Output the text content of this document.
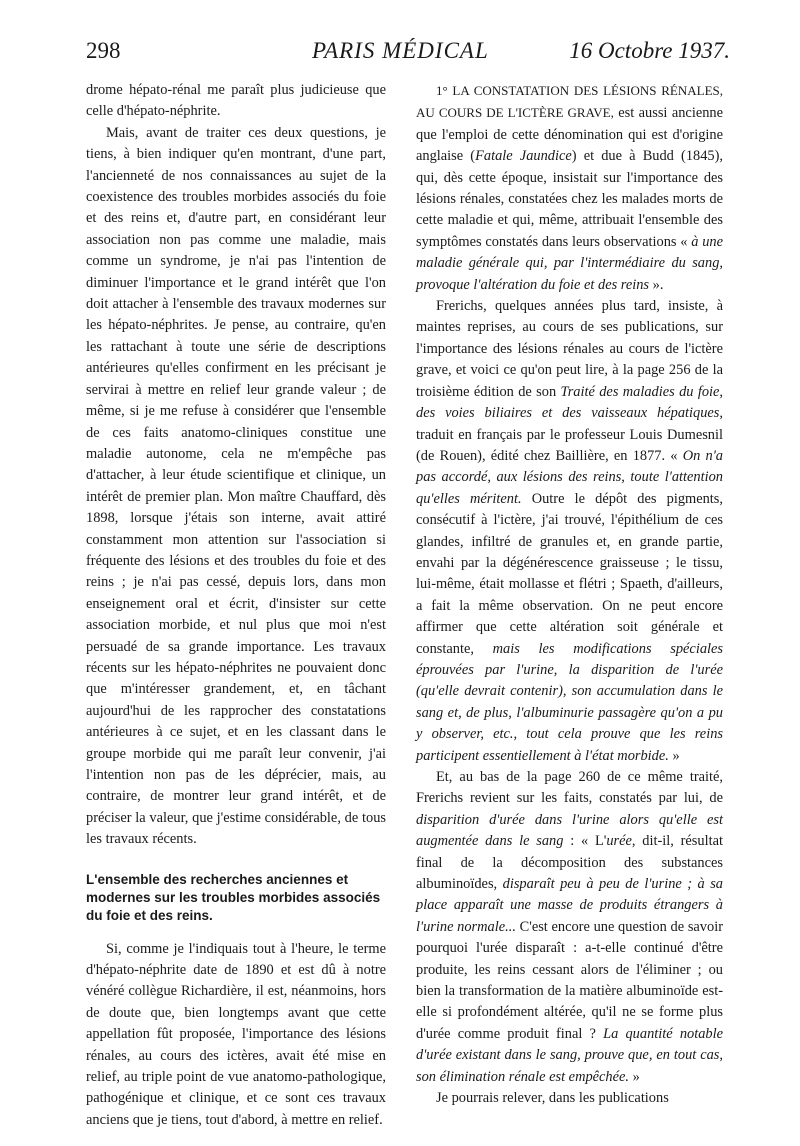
298	PARIS MÉDICAL	16 Octobre 1937.

drome hépato-rénal me paraît plus judicieuse que celle d'hépato-néphrite.

Mais, avant de traiter ces deux questions, je tiens, à bien indiquer qu'en montrant, d'une part, l'ancienneté de nos connaissances au sujet de la coexistence des troubles morbides associés du foie et des reins et, d'autre part, en considérant leur association non pas comme une maladie, mais comme un syndrome, je n'ai pas l'intention de diminuer l'importance et le grand intérêt que l'on doit attacher à l'ensemble des travaux modernes sur les hépato-néphrites. Je pense, au contraire, qu'en les rattachant à toute une série de descriptions antérieures qu'elles confirment en les précisant je servirai à mettre en relief leur grande valeur ; de même, si je me refuse à considérer que l'ensemble de ces faits anatomo-cliniques constitue une maladie autonome, cela ne m'empêche pas d'attacher, à leur étude scientifique et clinique, un intérêt de premier plan. Mon maître Chauffard, dès 1898, lorsque j'étais son interne, avait attiré constamment mon attention sur l'association si fréquente des lésions et des troubles du foie et des reins ; je n'ai pas cessé, depuis lors, dans mon enseignement oral et écrit, d'insister sur cette association morbide, et nul plus que moi n'est persuadé de sa grande importance. Les travaux récents sur les hépato-néphrites ne pouvaient donc que m'intéresser grandement, et, en tâchant aujourd'hui de les rapprocher des constatations antérieures à ce sujet, et en les classant dans le groupe morbide qui me paraît leur convenir, j'ai l'intention non pas de les déprécier, mais, au contraire, de montrer leur grand intérêt, et de préciser la valeur, que j'estime considérable, de tous les travaux récents.

L'ensemble des recherches anciennes et modernes sur les troubles morbides associés du foie et des reins.

Si, comme je l'indiquais tout à l'heure, le terme d'hépato-néphrite date de 1890 et est dû à notre vénéré collègue Richardière, il est, néanmoins, hors de doute que, bien longtemps avant que cette appellation fût proposée, l'importance des lésions rénales, au cours des ictères, avait été mise en relief, au triple point de vue anatomo-pathologique, pathogénique et clinique, et ce sont ces travaux anciens que je tiens, tout d'abord, à mettre en relief.

1° LA CONSTATATION DES LÉSIONS RÉNALES, AU COURS DE L'ICTÈRE GRAVE, est aussi ancienne que l'emploi de cette dénomination qui est d'origine anglaise (Fatale Jaundice) et due à Budd (1845), qui, dès cette époque, insistait sur l'importance des lésions rénales, constatées chez les malades morts de cette maladie et qui, même, attribuait l'ensemble des symptômes constatés dans leurs observations « à une maladie générale qui, par l'intermédiaire du sang, provoque l'altération du foie et des reins ».

Frerichs, quelques années plus tard, insiste, à maintes reprises, au cours de ses publications, sur l'importance des lésions rénales au cours de l'ictère grave, et voici ce qu'on peut lire, à la page 256 de la troisième édition de son Traité des maladies du foie, des voies biliaires et des vaisseaux hépatiques, traduit en français par le professeur Louis Dumesnil (de Rouen), édité chez Baillière, en 1877. « On n'a pas accordé, aux lésions des reins, toute l'attention qu'elles méritent. Outre le dépôt des pigments, consécutif à l'ictère, j'ai trouvé, l'épithélium de ces glandes, infiltré de granules et, en grande partie, envahi par la dégénérescence graisseuse ; le tissu, lui-même, était mollasse et flétri ; Spaeth, d'ailleurs, a fait la même observation. On ne peut encore affirmer que cette altération soit générale et constante, mais les modifications spéciales éprouvées par l'urine, la disparition de l'urée (qu'elle devrait contenir), son accumulation dans le sang et, de plus, l'albuminurie passagère qu'on a pu y observer, etc., tout cela prouve que les reins participent essentiellement à l'état morbide. »

Et, au bas de la page 260 de ce même traité, Frerichs revient sur les faits, constatés par lui, de disparition d'urée dans l'urine alors qu'elle est augmentée dans le sang : « L'urée, dit-il, résultat final de la décomposition des substances albuminoïdes, disparaît peu à peu de l'urine ; à sa place apparaît une masse de produits étrangers à l'urine normale... C'est encore une question de savoir pourquoi l'urée disparaît : a-t-elle continué d'être produite, les reins cessant alors de l'éliminer ; ou bien la transformation de la matière albuminoïde est-elle si profondément altérée, qu'il ne se forme plus d'urée comme produit final ? La quantité notable d'urée existant dans le sang, prouve que, en tout cas, son élimination rénale est empêchée. »

Je pourrais relever, dans les publications
